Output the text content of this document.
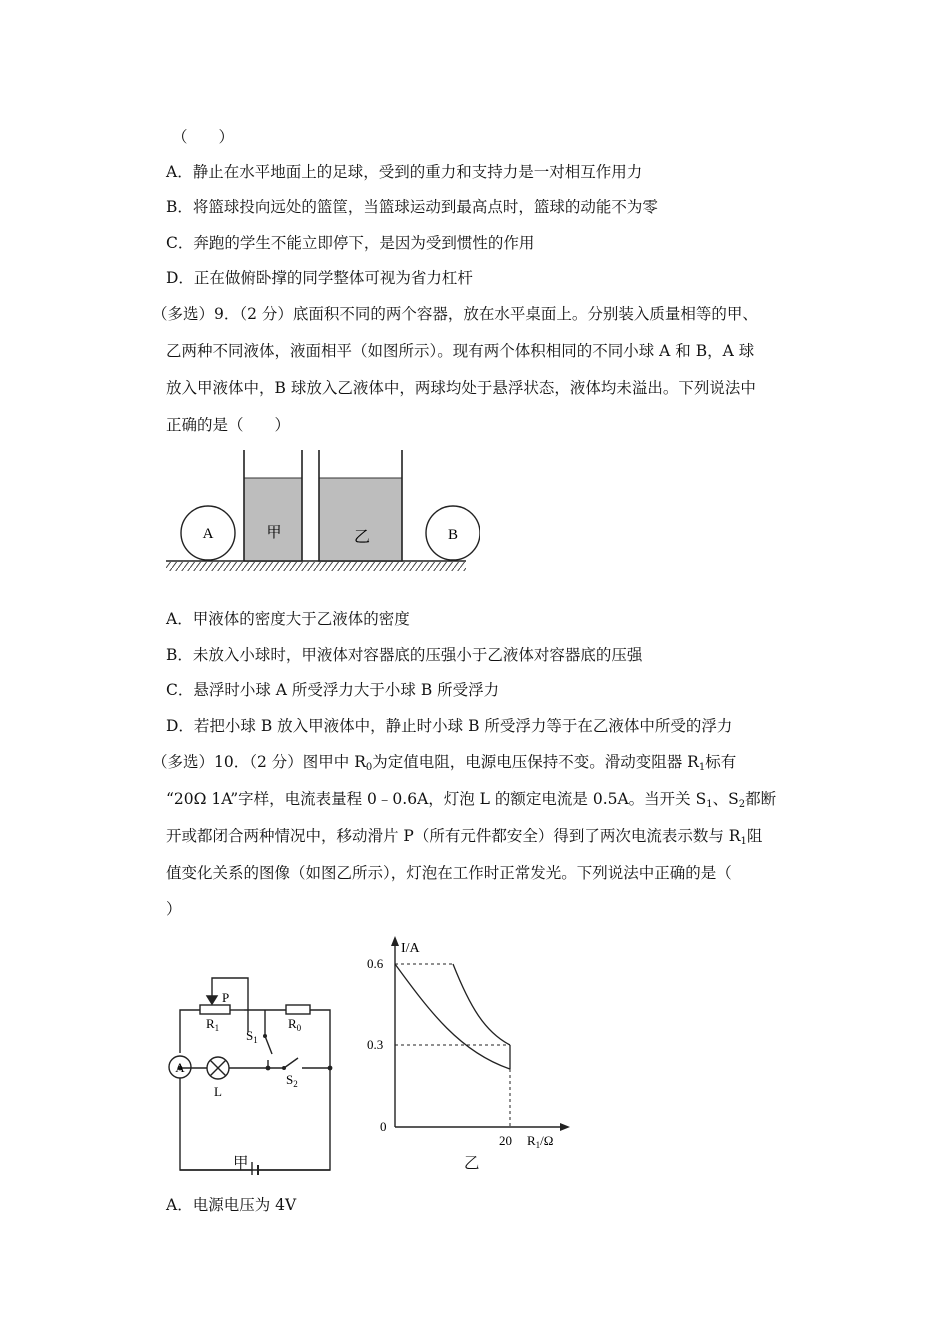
（　　）
A．静止在水平地面上的足球，受到的重力和支持力是一对相互作用力
B．将篮球投向远处的篮筐，当篮球运动到最高点时，篮球的动能不为零
C．奔跑的学生不能立即停下，是因为受到惯性的作用
D．正在做俯卧撑的同学整体可视为省力杠杆
（多选）9．（2 分）底面积不同的两个容器，放在水平桌面上。分别装入质量相等的甲、
乙两种不同液体，液面相平（如图所示）。现有两个体积相同的不同小球 A 和 B，A 球
放入甲液体中，B 球放入乙液体中，两球均处于悬浮状态，液体均未溢出。下列说法中
正确的是（　　）
A	B
甲	乙
A．甲液体的密度大于乙液体的密度
B．未放入小球时，甲液体对容器底的压强小于乙液体对容器底的压强
C．悬浮时小球 A 所受浮力大于小球 B 所受浮力
D．若把小球 B 放入甲液体中，静止时小球 B 所受浮力等于在乙液体中所受的浮力
（多选）10．（2 分）图甲中 $R_0$为定值电阻，电源电压保持不变。滑动变阻器 $R_1$标有
“20Ω 1A”字样，电流表量程 0﹣0.6A，灯泡 L 的额定电流是 0.5A。当开关 $S_1$、$S_2$都断
开或都闭合两种情况中，移动滑片 P（所有元件都安全）得到了两次电流表示数与 $R_1$阻
值变化关系的图像（如图乙所示），灯泡在工作时正常发光。下列说法中正确的是（
）
P
$R_1$	$R_0$
A
$S_1$
$S_2$
L
甲
I/A
0.6
0.3
0
20 $R_1/\Omega$
乙
A．电源电压为 4V
